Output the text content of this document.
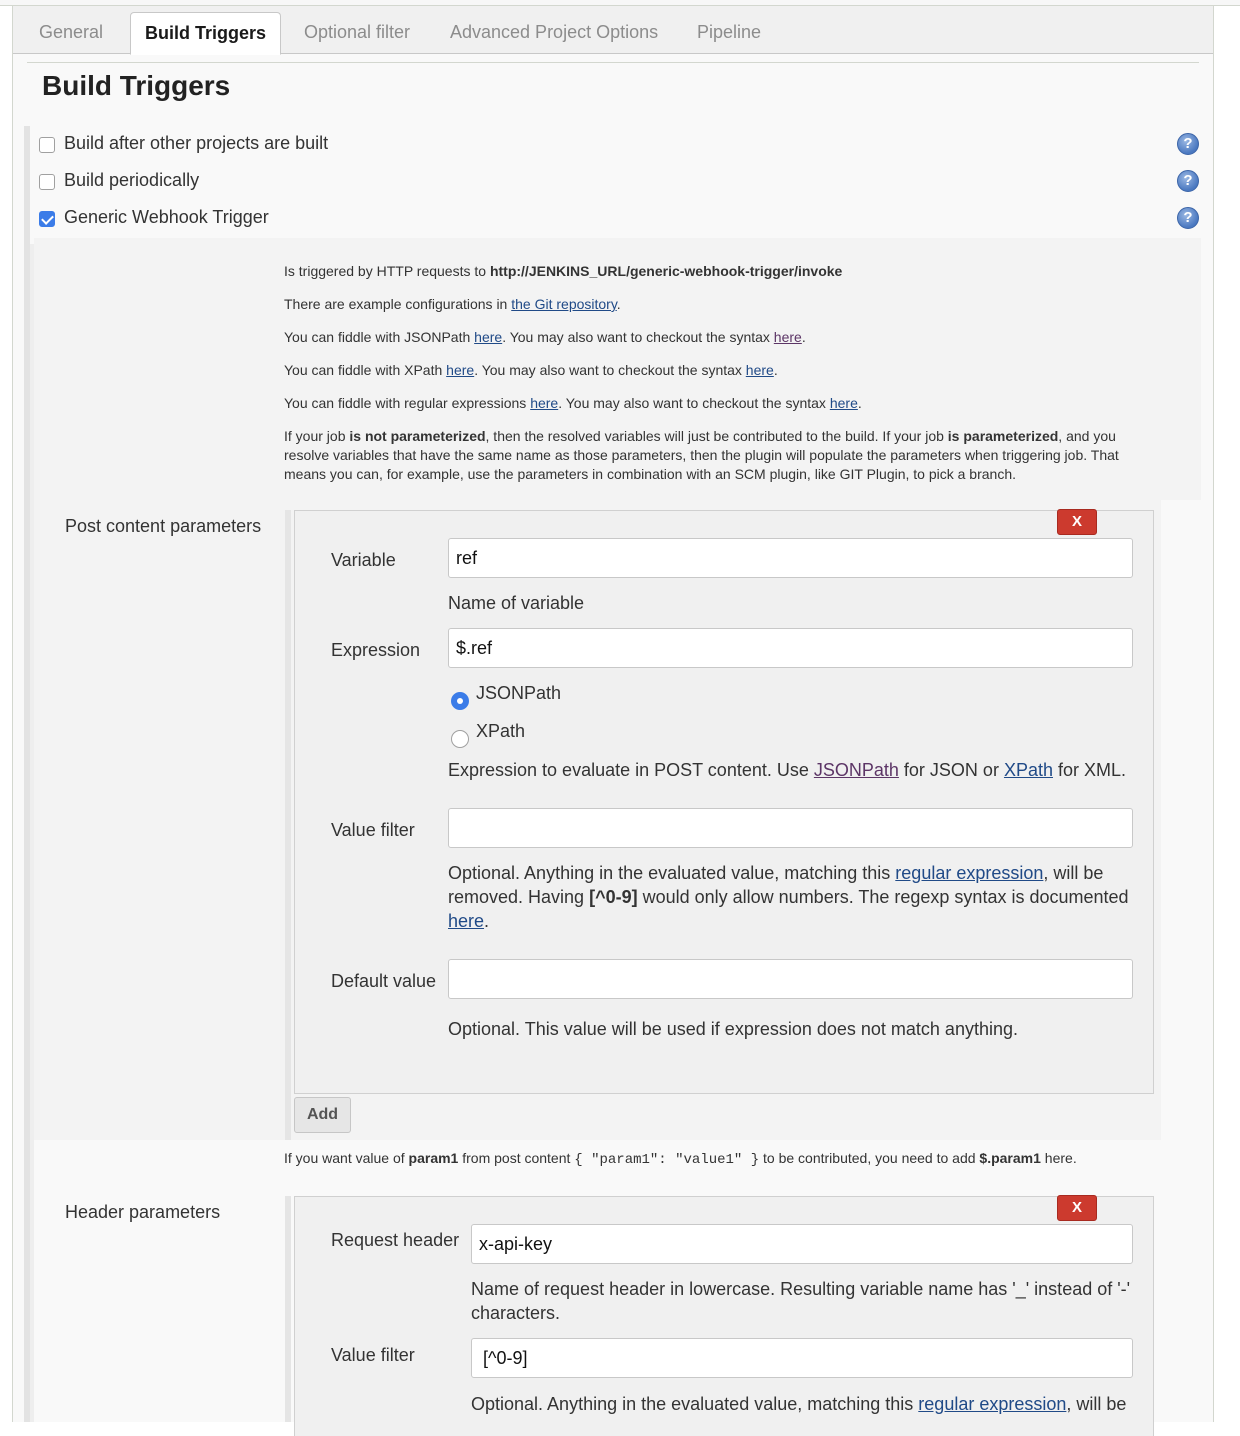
General	Build Triggers	Optional filter	Advanced Project Options	Pipeline
Build Triggers
Build after other projects are built	?
Build periodically	?
Generic Webhook Trigger	?

Is triggered by HTTP requests to http://JENKINS_URL/generic-webhook-trigger/invoke

There are example configurations in the Git repository.

You can fiddle with JSONPath here. You may also want to checkout the syntax here.

You can fiddle with XPath here. You may also want to checkout the syntax here.

You can fiddle with regular expressions here. You may also want to checkout the syntax here.

If your job is not parameterized, then the resolved variables will just be contributed to the build. If your job is parameterized, and you resolve variables that have the same name as those parameters, then the plugin will populate the parameters when triggering job. That means you can, for example, use the parameters in combination with an SCM plugin, like GIT Plugin, to pick a branch.

Post content parameters	X
Variable	ref
Name of variable
Expression	$.ref
JSONPath
XPath
Expression to evaluate in POST content. Use JSONPath for JSON or XPath for XML.
Value filter
Optional. Anything in the evaluated value, matching this regular expression, will be removed. Having [^0-9] would only allow numbers. The regexp syntax is documented here.
Default value
Optional. This value will be used if expression does not match anything.
Add
If you want value of param1 from post content { "param1": "value1" } to be contributed, you need to add $.param1 here.
Header parameters	X
Request header	x-api-key
Name of request header in lowercase. Resulting variable name has '_' instead of '-' characters.
Value filter	[^0-9]
Optional. Anything in the evaluated value, matching this regular expression, will be
